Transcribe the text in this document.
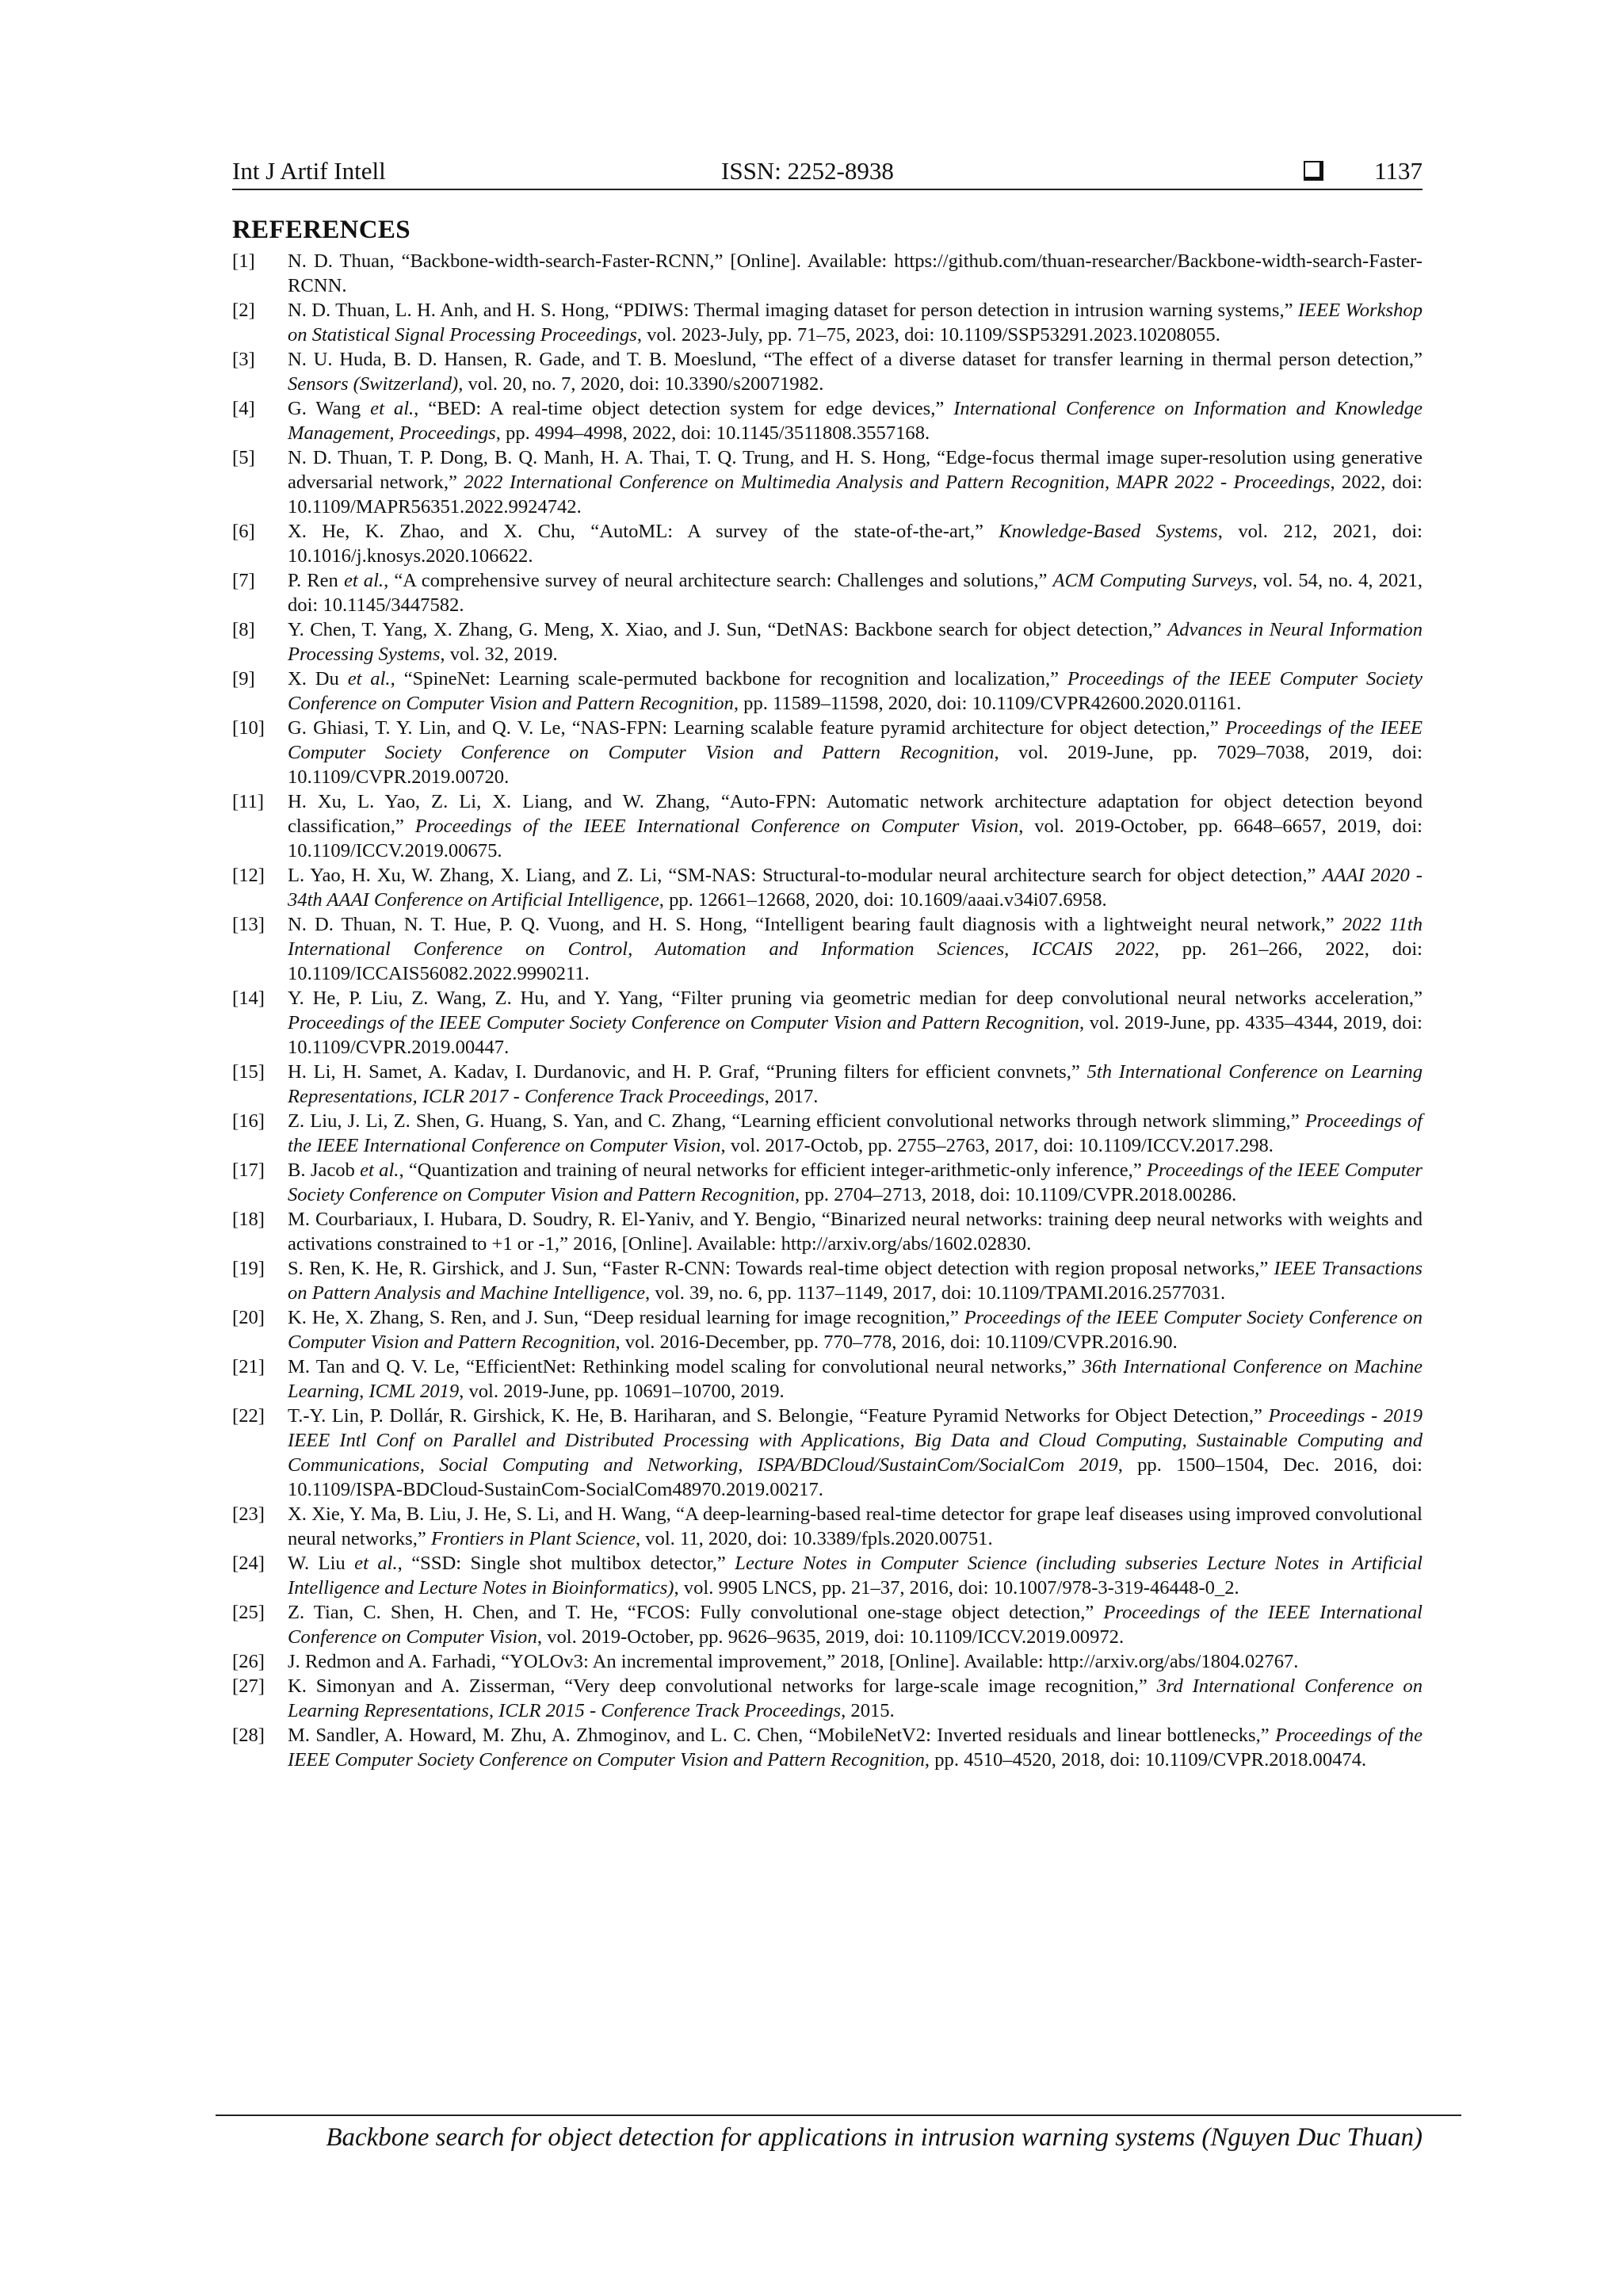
Int J Artif Intell	ISSN: 2252-8938	1137
REFERENCES
[1] N. D. Thuan, “Backbone-width-search-Faster-RCNN,” [Online]. Available: https://github.com/thuan-researcher/Backbone-width-search-Faster-RCNN.
[2] N. D. Thuan, L. H. Anh, and H. S. Hong, “PDIWS: Thermal imaging dataset for person detection in intrusion warning systems,” IEEE Workshop on Statistical Signal Processing Proceedings, vol. 2023-July, pp. 71–75, 2023, doi: 10.1109/SSP53291.2023.10208055.
[3] N. U. Huda, B. D. Hansen, R. Gade, and T. B. Moeslund, “The effect of a diverse dataset for transfer learning in thermal person detection,” Sensors (Switzerland), vol. 20, no. 7, 2020, doi: 10.3390/s20071982.
[4] G. Wang et al., “BED: A real-time object detection system for edge devices,” International Conference on Information and Knowledge Management, Proceedings, pp. 4994–4998, 2022, doi: 10.1145/3511808.3557168.
[5] N. D. Thuan, T. P. Dong, B. Q. Manh, H. A. Thai, T. Q. Trung, and H. S. Hong, “Edge-focus thermal image super-resolution using generative adversarial network,” 2022 International Conference on Multimedia Analysis and Pattern Recognition, MAPR 2022 - Proceedings, 2022, doi: 10.1109/MAPR56351.2022.9924742.
[6] X. He, K. Zhao, and X. Chu, “AutoML: A survey of the state-of-the-art,” Knowledge-Based Systems, vol. 212, 2021, doi: 10.1016/j.knosys.2020.106622.
[7] P. Ren et al., “A comprehensive survey of neural architecture search: Challenges and solutions,” ACM Computing Surveys, vol. 54, no. 4, 2021, doi: 10.1145/3447582.
[8] Y. Chen, T. Yang, X. Zhang, G. Meng, X. Xiao, and J. Sun, “DetNAS: Backbone search for object detection,” Advances in Neural Information Processing Systems, vol. 32, 2019.
[9] X. Du et al., “SpineNet: Learning scale-permuted backbone for recognition and localization,” Proceedings of the IEEE Computer Society Conference on Computer Vision and Pattern Recognition, pp. 11589–11598, 2020, doi: 10.1109/CVPR42600.2020.01161.
[10] G. Ghiasi, T. Y. Lin, and Q. V. Le, “NAS-FPN: Learning scalable feature pyramid architecture for object detection,” Proceedings of the IEEE Computer Society Conference on Computer Vision and Pattern Recognition, vol. 2019-June, pp. 7029–7038, 2019, doi: 10.1109/CVPR.2019.00720.
[11] H. Xu, L. Yao, Z. Li, X. Liang, and W. Zhang, “Auto-FPN: Automatic network architecture adaptation for object detection beyond classification,” Proceedings of the IEEE International Conference on Computer Vision, vol. 2019-October, pp. 6648–6657, 2019, doi: 10.1109/ICCV.2019.00675.
[12] L. Yao, H. Xu, W. Zhang, X. Liang, and Z. Li, “SM-NAS: Structural-to-modular neural architecture search for object detection,” AAAI 2020 - 34th AAAI Conference on Artificial Intelligence, pp. 12661–12668, 2020, doi: 10.1609/aaai.v34i07.6958.
[13] N. D. Thuan, N. T. Hue, P. Q. Vuong, and H. S. Hong, “Intelligent bearing fault diagnosis with a lightweight neural network,” 2022 11th International Conference on Control, Automation and Information Sciences, ICCAIS 2022, pp. 261–266, 2022, doi: 10.1109/ICCAIS56082.2022.9990211.
[14] Y. He, P. Liu, Z. Wang, Z. Hu, and Y. Yang, “Filter pruning via geometric median for deep convolutional neural networks acceleration,” Proceedings of the IEEE Computer Society Conference on Computer Vision and Pattern Recognition, vol. 2019-June, pp. 4335–4344, 2019, doi: 10.1109/CVPR.2019.00447.
[15] H. Li, H. Samet, A. Kadav, I. Durdanovic, and H. P. Graf, “Pruning filters for efficient convnets,” 5th International Conference on Learning Representations, ICLR 2017 - Conference Track Proceedings, 2017.
[16] Z. Liu, J. Li, Z. Shen, G. Huang, S. Yan, and C. Zhang, “Learning efficient convolutional networks through network slimming,” Proceedings of the IEEE International Conference on Computer Vision, vol. 2017-Octob, pp. 2755–2763, 2017, doi: 10.1109/ICCV.2017.298.
[17] B. Jacob et al., “Quantization and training of neural networks for efficient integer-arithmetic-only inference,” Proceedings of the IEEE Computer Society Conference on Computer Vision and Pattern Recognition, pp. 2704–2713, 2018, doi: 10.1109/CVPR.2018.00286.
[18] M. Courbariaux, I. Hubara, D. Soudry, R. El-Yaniv, and Y. Bengio, “Binarized neural networks: training deep neural networks with weights and activations constrained to +1 or -1,” 2016, [Online]. Available: http://arxiv.org/abs/1602.02830.
[19] S. Ren, K. He, R. Girshick, and J. Sun, “Faster R-CNN: Towards real-time object detection with region proposal networks,” IEEE Transactions on Pattern Analysis and Machine Intelligence, vol. 39, no. 6, pp. 1137–1149, 2017, doi: 10.1109/TPAMI.2016.2577031.
[20] K. He, X. Zhang, S. Ren, and J. Sun, “Deep residual learning for image recognition,” Proceedings of the IEEE Computer Society Conference on Computer Vision and Pattern Recognition, vol. 2016-December, pp. 770–778, 2016, doi: 10.1109/CVPR.2016.90.
[21] M. Tan and Q. V. Le, “EfficientNet: Rethinking model scaling for convolutional neural networks,” 36th International Conference on Machine Learning, ICML 2019, vol. 2019-June, pp. 10691–10700, 2019.
[22] T.-Y. Lin, P. Dollár, R. Girshick, K. He, B. Hariharan, and S. Belongie, “Feature Pyramid Networks for Object Detection,” Proceedings - 2019 IEEE Intl Conf on Parallel and Distributed Processing with Applications, Big Data and Cloud Computing, Sustainable Computing and Communications, Social Computing and Networking, ISPA/BDCloud/SustainCom/SocialCom 2019, pp. 1500–1504, Dec. 2016, doi: 10.1109/ISPA-BDCloud-SustainCom-SocialCom48970.2019.00217.
[23] X. Xie, Y. Ma, B. Liu, J. He, S. Li, and H. Wang, “A deep-learning-based real-time detector for grape leaf diseases using improved convolutional neural networks,” Frontiers in Plant Science, vol. 11, 2020, doi: 10.3389/fpls.2020.00751.
[24] W. Liu et al., “SSD: Single shot multibox detector,” Lecture Notes in Computer Science (including subseries Lecture Notes in Artificial Intelligence and Lecture Notes in Bioinformatics), vol. 9905 LNCS, pp. 21–37, 2016, doi: 10.1007/978-3-319-46448-0_2.
[25] Z. Tian, C. Shen, H. Chen, and T. He, “FCOS: Fully convolutional one-stage object detection,” Proceedings of the IEEE International Conference on Computer Vision, vol. 2019-October, pp. 9626–9635, 2019, doi: 10.1109/ICCV.2019.00972.
[26] J. Redmon and A. Farhadi, “YOLOv3: An incremental improvement,” 2018, [Online]. Available: http://arxiv.org/abs/1804.02767.
[27] K. Simonyan and A. Zisserman, “Very deep convolutional networks for large-scale image recognition,” 3rd International Conference on Learning Representations, ICLR 2015 - Conference Track Proceedings, 2015.
[28] M. Sandler, A. Howard, M. Zhu, A. Zhmoginov, and L. C. Chen, “MobileNetV2: Inverted residuals and linear bottlenecks,” Proceedings of the IEEE Computer Society Conference on Computer Vision and Pattern Recognition, pp. 4510–4520, 2018, doi: 10.1109/CVPR.2018.00474.
Backbone search for object detection for applications in intrusion warning systems (Nguyen Duc Thuan)
